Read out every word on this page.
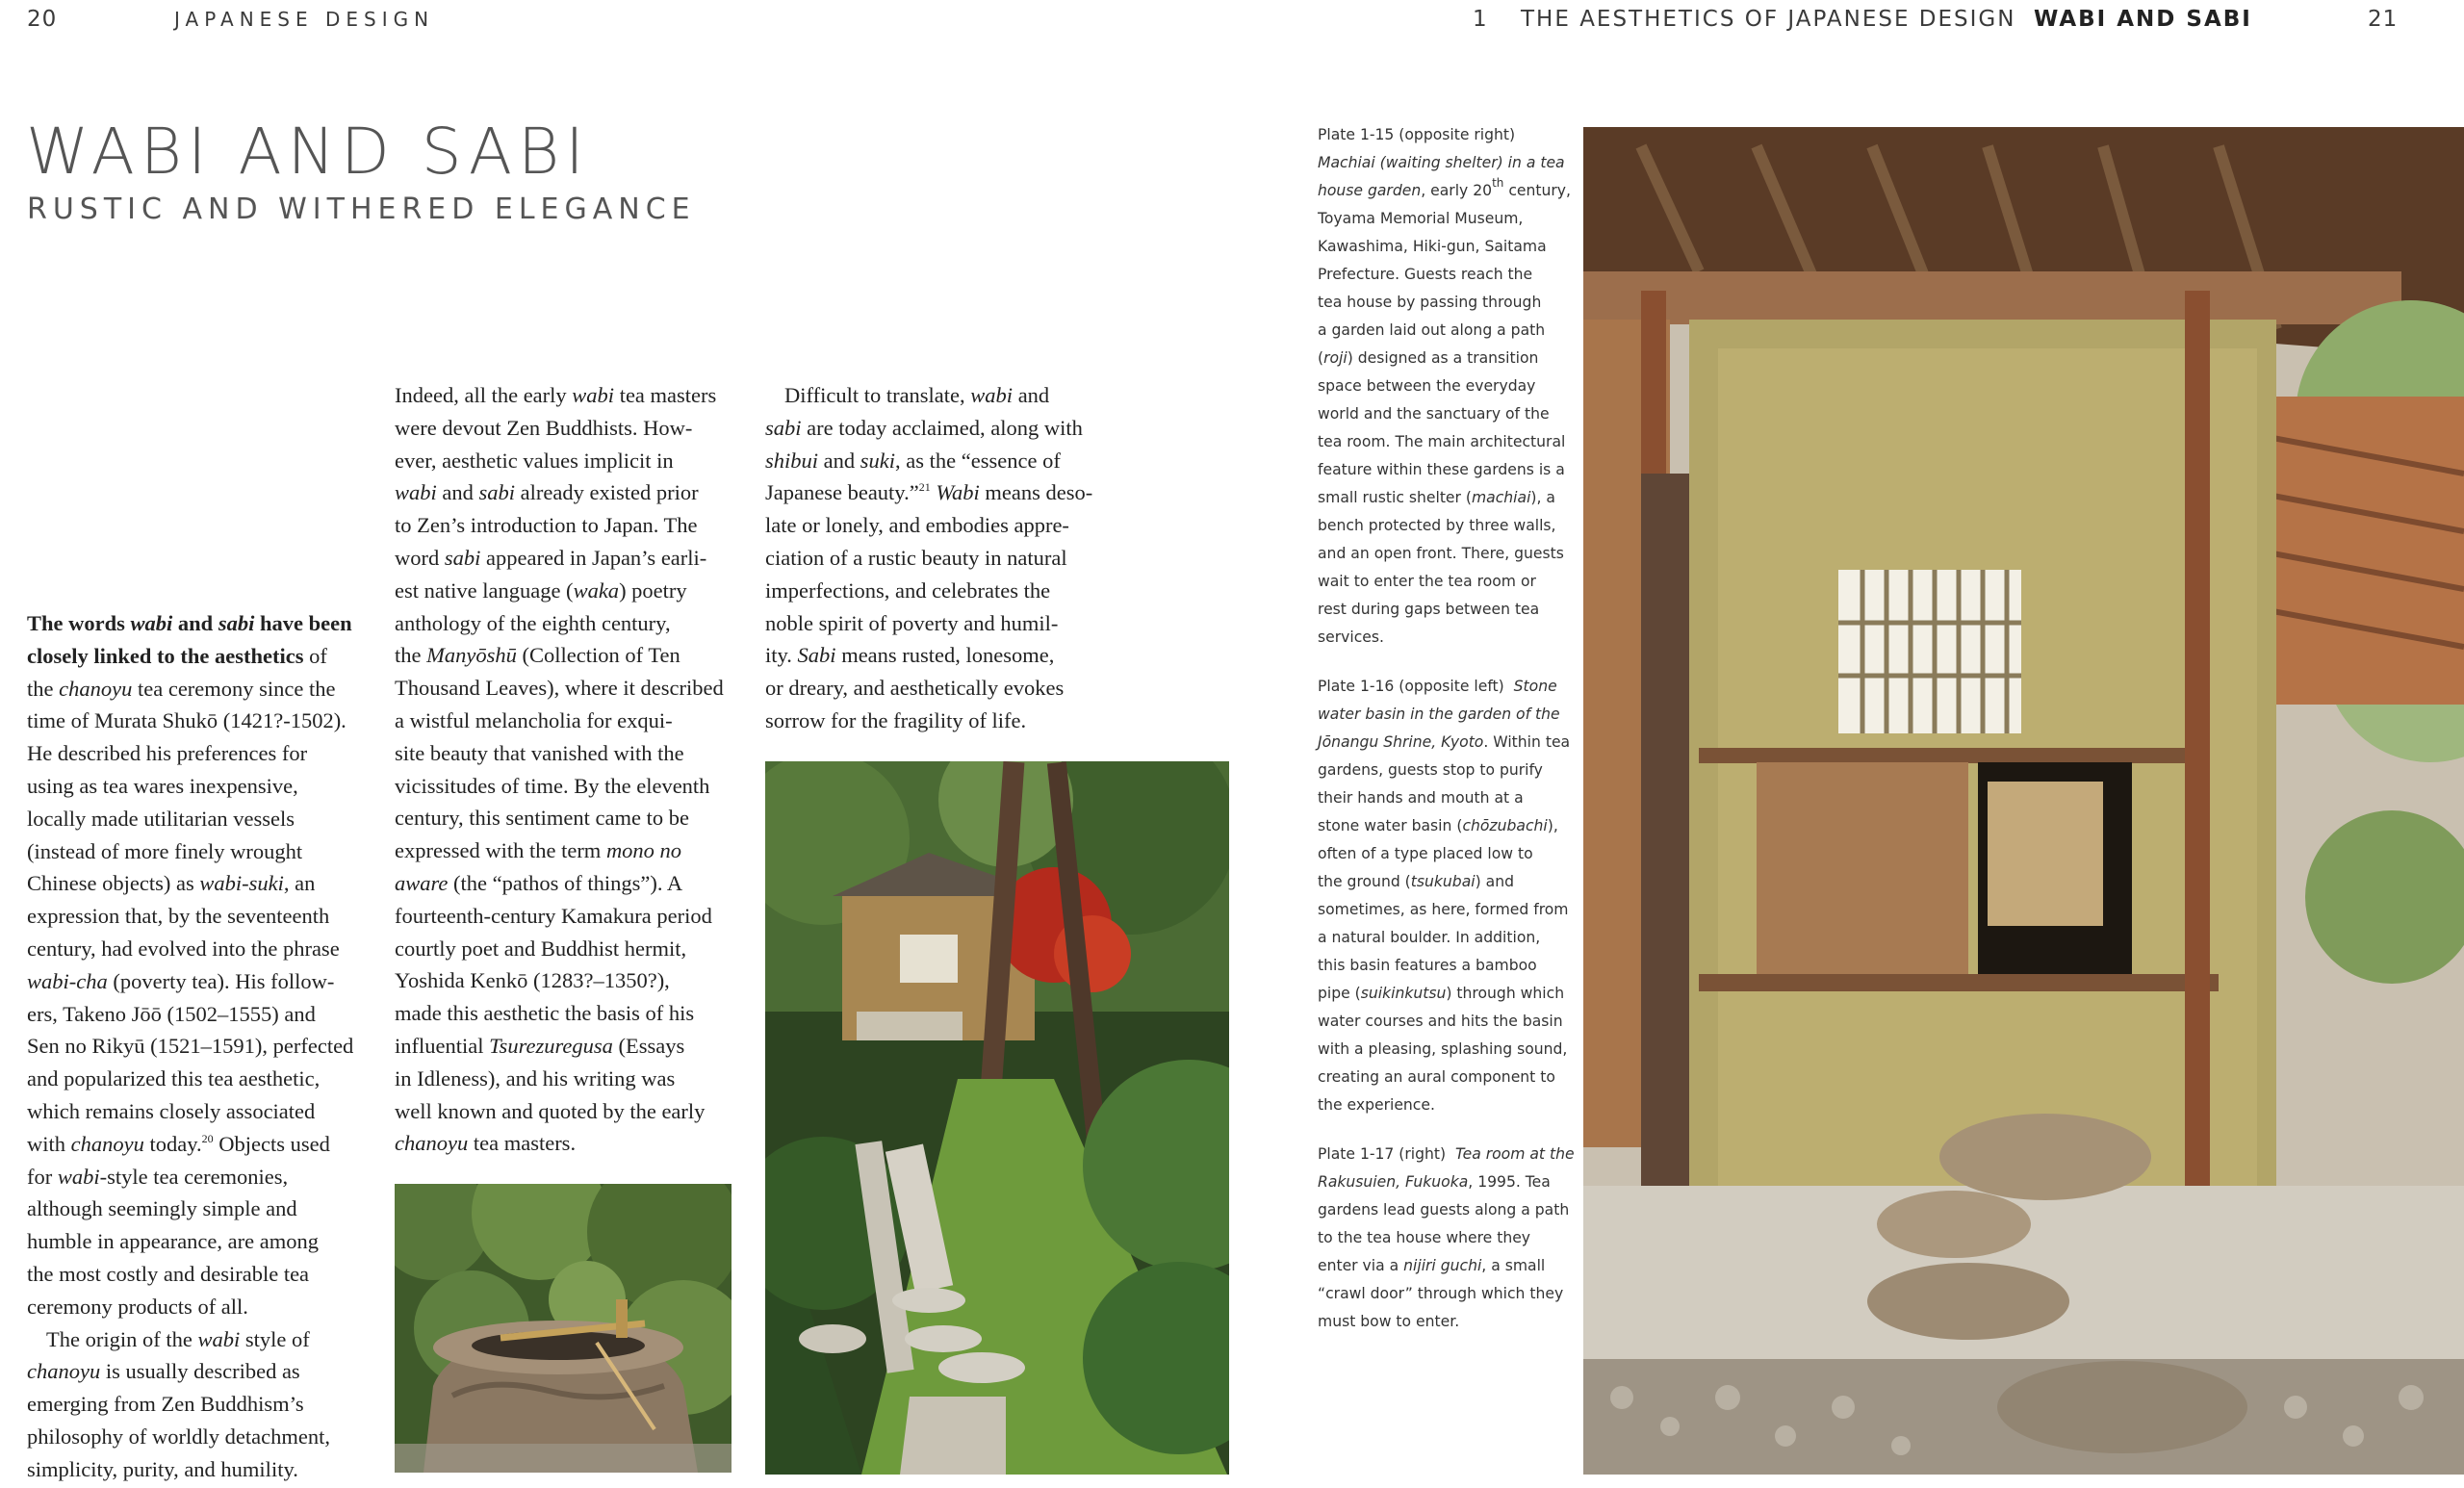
20	JAPANESE DESIGN	1 THE AESTHETICS OF JAPANESE DESIGN WABI AND SABI	21
WABI AND SABI
RUSTIC AND WITHERED ELEGANCE

The words wabi and sabi have been

closely linked to the aesthetics of

the chanoyu tea ceremony since the

time of Murata Shukō (1421?-1502).

He described his preferences for

using as tea wares inexpensive,

locally made utilitarian vessels

(instead of more finely wrought

Chinese objects) as wabi-suki, an

expression that, by the seventeenth

century, had evolved into the phrase

wabi-cha (poverty tea). His follow-

ers, Takeno Jōō (1502–1555) and

Sen no Rikyū (1521–1591), perfected

and popularized this tea aesthetic,

which remains closely associated

with chanoyu today.$^{20}$ Objects used

for wabi-style tea ceremonies,

although seemingly simple and

humble in appearance, are among

the most costly and desirable tea

ceremony products of all.

The origin of the wabi style of

chanoyu is usually described as

emerging from Zen Buddhism’s

philosophy of worldly detachment,

simplicity, purity, and humility.

Indeed, all the early wabi tea masters

were devout Zen Buddhists. How-

ever, aesthetic values implicit in

wabi and sabi already existed prior

to Zen’s introduction to Japan. The

word sabi appeared in Japan’s earli-

est native language (waka) poetry

anthology of the eighth century,

the Manyōshū (Collection of Ten

Thousand Leaves), where it described

a wistful melancholia for exqui-

site beauty that vanished with the

vicissitudes of time. By the eleventh

century, this sentiment came to be

expressed with the term mono no

aware (the “pathos of things”). A

fourteenth-century Kamakura period

courtly poet and Buddhist hermit,

Yoshida Kenkō (1283?–1350?),

made this aesthetic the basis of his

influential Tsurezuregusa (Essays

in Idleness), and his writing was

well known and quoted by the early

chanoyu tea masters.

Difficult to translate, wabi and

sabi are today acclaimed, along with

shibui and suki, as the “essence of

Japanese beauty.”$^{21}$ Wabi means deso-

late or lonely, and embodies appre-

ciation of a rustic beauty in natural

imperfections, and celebrates the

noble spirit of poverty and humil-

ity. Sabi means rusted, lonesome,

or dreary, and aesthetically evokes

sorrow for the fragility of life.

Plate 1-15 (opposite right)

Machiai (waiting shelter) in a tea

house garden, early 20th century,

Toyama Memorial Museum,

Kawashima, Hiki-gun, Saitama

Prefecture. Guests reach the

tea house by passing through

a garden laid out along a path

(roji) designed as a transition

space between the everyday

world and the sanctuary of the

tea room. The main architectural

feature within these gardens is a

small rustic shelter (machiai), a

bench protected by three walls,

and an open front. There, guests

wait to enter the tea room or

rest during gaps between tea

services.

Plate 1-16 (opposite left)  Stone

water basin in the garden of the

Jōnangu Shrine, Kyoto. Within tea

gardens, guests stop to purify

their hands and mouth at a

stone water basin (chōzubachi),

often of a type placed low to

the ground (tsukubai) and

sometimes, as here, formed from

a natural boulder. In addition,

this basin features a bamboo

pipe (suikinkutsu) through which

water courses and hits the basin

with a pleasing, splashing sound,

creating an aural component to

the experience.

Plate 1-17 (right)  Tea room at the

Rakusuien, Fukuoka, 1995. Tea

gardens lead guests along a path

to the tea house where they

enter via a nijiri guchi, a small

“crawl door” through which they

must bow to enter.
